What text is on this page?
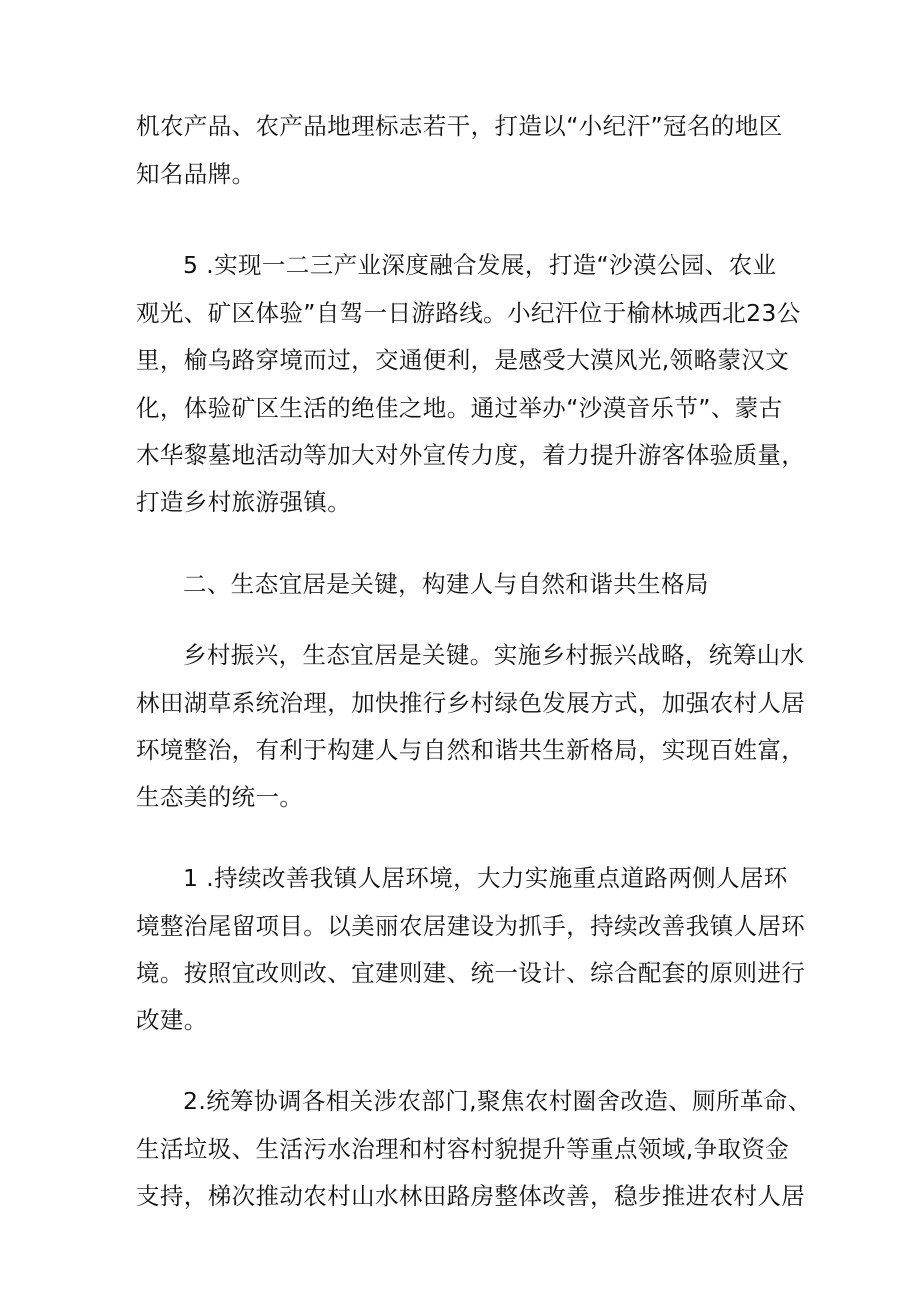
机农产品、农产品地理标志若干，打造以“小纪汗”冠名的地区
知名品牌。
5 .实现一二三产业深度融合发展，打造“沙漠公园、农业
观光、矿区体验”自驾一日游路线。小纪汗位于榆林城西北23公
里，榆乌路穿境而过，交通便利，是感受大漠风光,领略蒙汉文
化，体验矿区生活的绝佳之地。通过举办“沙漠音乐节”、蒙古
木华黎墓地活动等加大对外宣传力度，着力提升游客体验质量，
打造乡村旅游强镇。
二、生态宜居是关键，构建人与自然和谐共生格局
乡村振兴，生态宜居是关键。实施乡村振兴战略，统筹山水
林田湖草系统治理，加快推行乡村绿色发展方式，加强农村人居
环境整治，有利于构建人与自然和谐共生新格局，实现百姓富，
生态美的统一。
1 .持续改善我镇人居环境，大力实施重点道路两侧人居环
境整治尾留项目。以美丽农居建设为抓手，持续改善我镇人居环
境。按照宜改则改、宜建则建、统一设计、综合配套的原则进行
改建。
2.统筹协调各相关涉农部门,聚焦农村圈舍改造、厕所革命、
生活垃圾、生活污水治理和村容村貌提升等重点领域,争取资金
支持，梯次推动农村山水林田路房整体改善，稳步推进农村人居
